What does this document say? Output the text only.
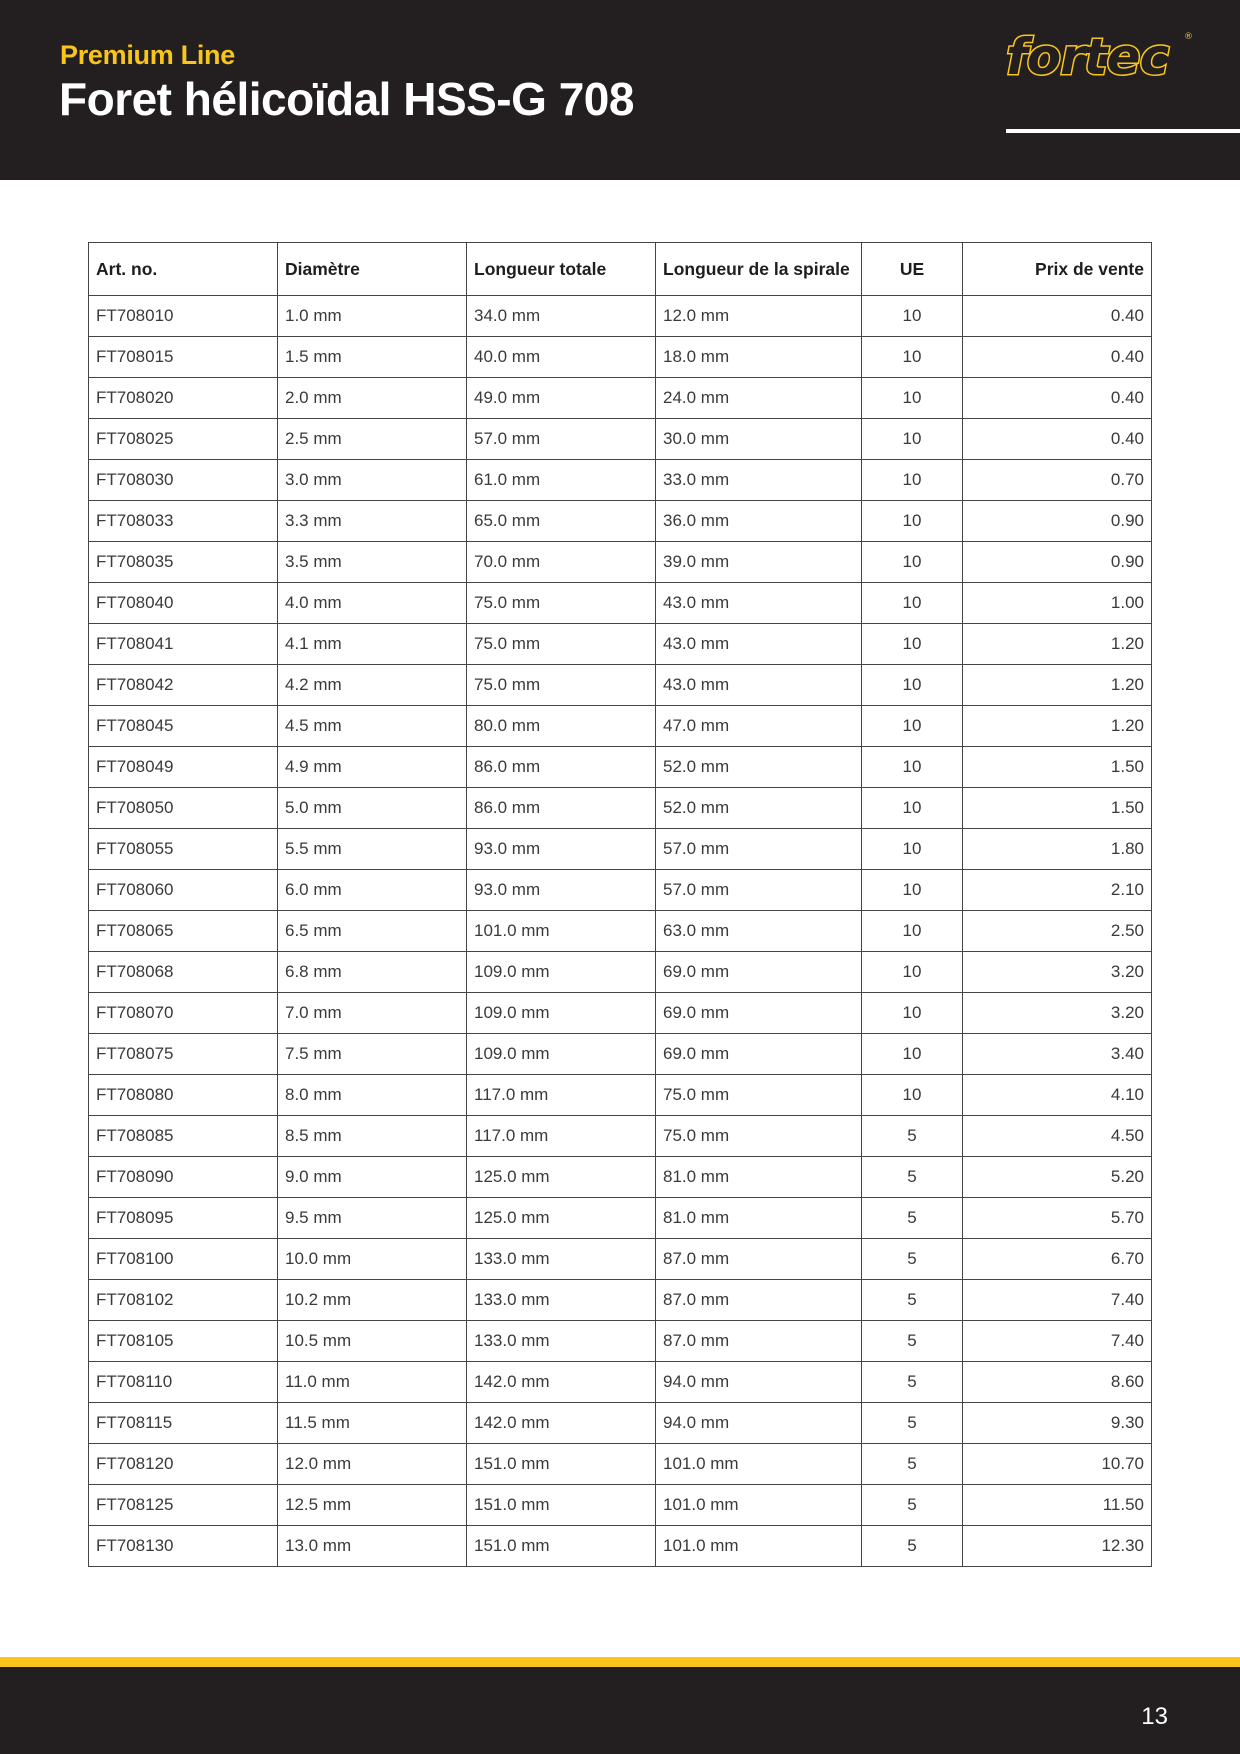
Premium Line

Foret hélicoïdal HSS-G 708
fortec ®
Art. no.	Diamètre	Longueur totale	Longueur de la spirale	UE	Prix de vente
FT708010	1.0 mm	34.0 mm	12.0 mm	10	0.40
FT708015	1.5 mm	40.0 mm	18.0 mm	10	0.40
FT708020	2.0 mm	49.0 mm	24.0 mm	10	0.40
FT708025	2.5 mm	57.0 mm	30.0 mm	10	0.40
FT708030	3.0 mm	61.0 mm	33.0 mm	10	0.70
FT708033	3.3 mm	65.0 mm	36.0 mm	10	0.90
FT708035	3.5 mm	70.0 mm	39.0 mm	10	0.90
FT708040	4.0 mm	75.0 mm	43.0 mm	10	1.00
FT708041	4.1 mm	75.0 mm	43.0 mm	10	1.20
FT708042	4.2 mm	75.0 mm	43.0 mm	10	1.20
FT708045	4.5 mm	80.0 mm	47.0 mm	10	1.20
FT708049	4.9 mm	86.0 mm	52.0 mm	10	1.50
FT708050	5.0 mm	86.0 mm	52.0 mm	10	1.50
FT708055	5.5 mm	93.0 mm	57.0 mm	10	1.80
FT708060	6.0 mm	93.0 mm	57.0 mm	10	2.10
FT708065	6.5 mm	101.0 mm	63.0 mm	10	2.50
FT708068	6.8 mm	109.0 mm	69.0 mm	10	3.20
FT708070	7.0 mm	109.0 mm	69.0 mm	10	3.20
FT708075	7.5 mm	109.0 mm	69.0 mm	10	3.40
FT708080	8.0 mm	117.0 mm	75.0 mm	10	4.10
FT708085	8.5 mm	117.0 mm	75.0 mm	5	4.50
FT708090	9.0 mm	125.0 mm	81.0 mm	5	5.20
FT708095	9.5 mm	125.0 mm	81.0 mm	5	5.70
FT708100	10.0 mm	133.0 mm	87.0 mm	5	6.70
FT708102	10.2 mm	133.0 mm	87.0 mm	5	7.40
FT708105	10.5 mm	133.0 mm	87.0 mm	5	7.40
FT708110	11.0 mm	142.0 mm	94.0 mm	5	8.60
FT708115	11.5 mm	142.0 mm	94.0 mm	5	9.30
FT708120	12.0 mm	151.0 mm	101.0 mm	5	10.70
FT708125	12.5 mm	151.0 mm	101.0 mm	5	11.50
FT708130	13.0 mm	151.0 mm	101.0 mm	5	12.30

13
